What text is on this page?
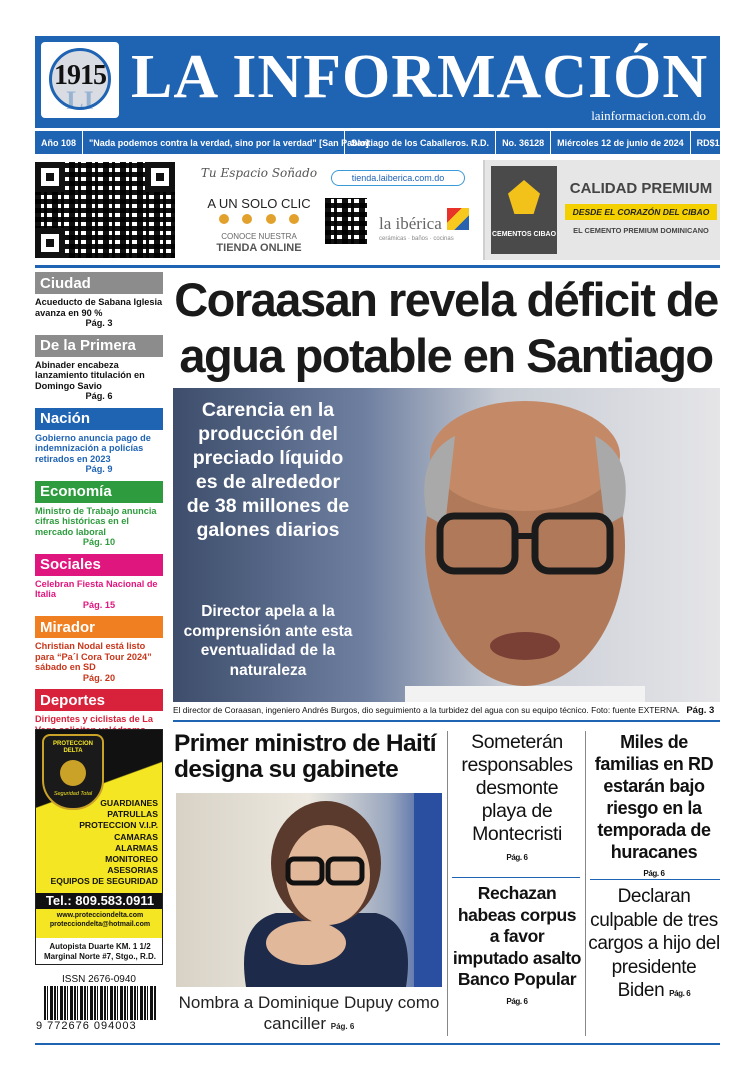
LI
1915 LA INFORMACIÓN
lainformacion.com.do
Año 108	"Nada podemos contra la verdad, sino por la verdad" [San Pablo]
Santiago de los Caballeros. R.D.	No. 36128	Miércoles 12 de junio de 2024	RD$10
Tu Espacio Soñado
A UN SOLO CLIC
CONOCE NUESTRA
TIENDA ONLINE
tienda.laiberica.com.do
la ibérica
cerámicas · baños · cocinas
CEMENTOS CIBAO
CALIDAD PREMIUM
DESDE EL CORAZÓN DEL CIBAO
EL CEMENTO PREMIUM DOMINICANO
Ciudad
Acueducto de Sabana Iglesia avanza en 90 %
Pág. 3
De la Primera
Abinader encabeza lanzamiento titulación en Domingo Savio
Pág. 6
Nación
Gobierno anuncia pago de indemnización a policías retirados en 2023
Pág. 9
Economía
Ministro de Trabajo anuncia cifras históricas en el mercado laboral
Pág. 10
Sociales
Celebran Fiesta Nacional de Italia
Pág. 15
Mirador
Christian Nodal está listo para “Pa´l Cora Tour 2024” sábado en SD
Pág. 20
Deportes
Dirigentes y ciclistas de La
Coraasan revela déficit de agua potable en Santiago
Carencia en la producción del preciado líquido es de alrededor de 38 millones de galones diarios
Director apela a la comprensión ante esta eventualidad de la naturaleza
El director de Coraasan, ingeniero Andrés Burgos, dio seguimiento a la turbidez del agua con su equipo técnico. Foto: fuente EXTERNA. Pág. 3
Primer ministro de Haití designa su gabinete
Nombra a Dominique Dupuy como canciller Pág. 6
Someterán responsables desmonte playa de Montecristi
Pág. 6
Miles de familias en RD estarán bajo riesgo en la temporada de huracanes
Pág. 6
Rechazan habeas corpus a favor imputado asalto Banco Popular
Pág. 6
Declaran culpable de tres cargos a hijo del presidente Biden Pág. 6
PROTECCION DELTA
Seguridad Total
GUARDIANES
PATRULLAS
PROTECCION V.I.P.
CAMARAS
ALARMAS
MONITOREO
ASESORIAS
EQUIPOS DE SEGURIDAD
Tel.: 809.583.0911
www.protecciondelta.com
protecciondelta@hotmail.com
Autopista Duarte KM. 1 1/2 Marginal Norte #7, Stgo., R.D.
ISSN 2676-0940
9 772676 094003
